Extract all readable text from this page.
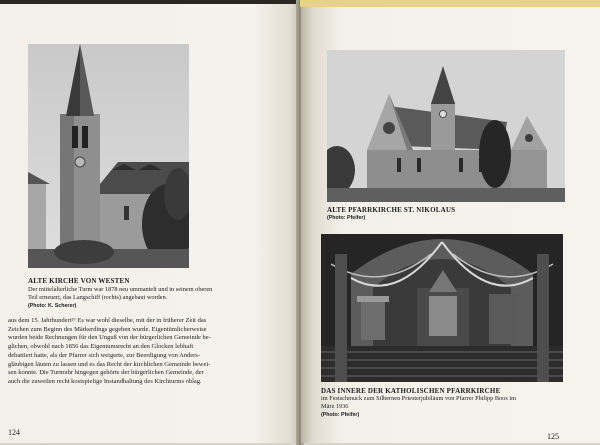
ALTE KIRCHE VON WESTEN
Der mittelalterliche Turm war 1878 neu ummantelt und in seinem oberen
Teil erneuert, das Langschiff (rechts) angebaut worden.
(Photo: K. Scherer)
aus dem 15. Jahrhundert²⁶ Es war wohl dieselbe, mit der in früherer Zeit das
Zeichen zum Beginn des Märkerdings gegeben wurde. Eigentümlicherweise
wurden beide Rechnungen für den Unguß von der bürgerlichen Gemeinde be-
glichen, obwohl nach 1856 das Eigentumsrecht an den Glocken lebhaft
debattiert hatte, als der Pfarrer sich weigerte, zur Beerdigung von Anders-
gläubigen läuten zu lassen und es das Recht der kirchlichen Gemeinde bewei-
sen konnte. Die Turmuhr hingegen gehörte der bürgerlichen Gemeinde, der
auch die zuweilen recht kostspielige Instandhaltung des Kirchturms oblag.
124
ALTE PFARRKIRCHE ST. NIKOLAUS
(Photo: Pfeifer)
DAS INNERE DER KATHOLISCHEN PFARRKIRCHE
im Festschmuck zum Silbernen Priesterjubiläum von Pfarrer Philipp Boos im
März 1936
(Photo: Pfeifer)
125
